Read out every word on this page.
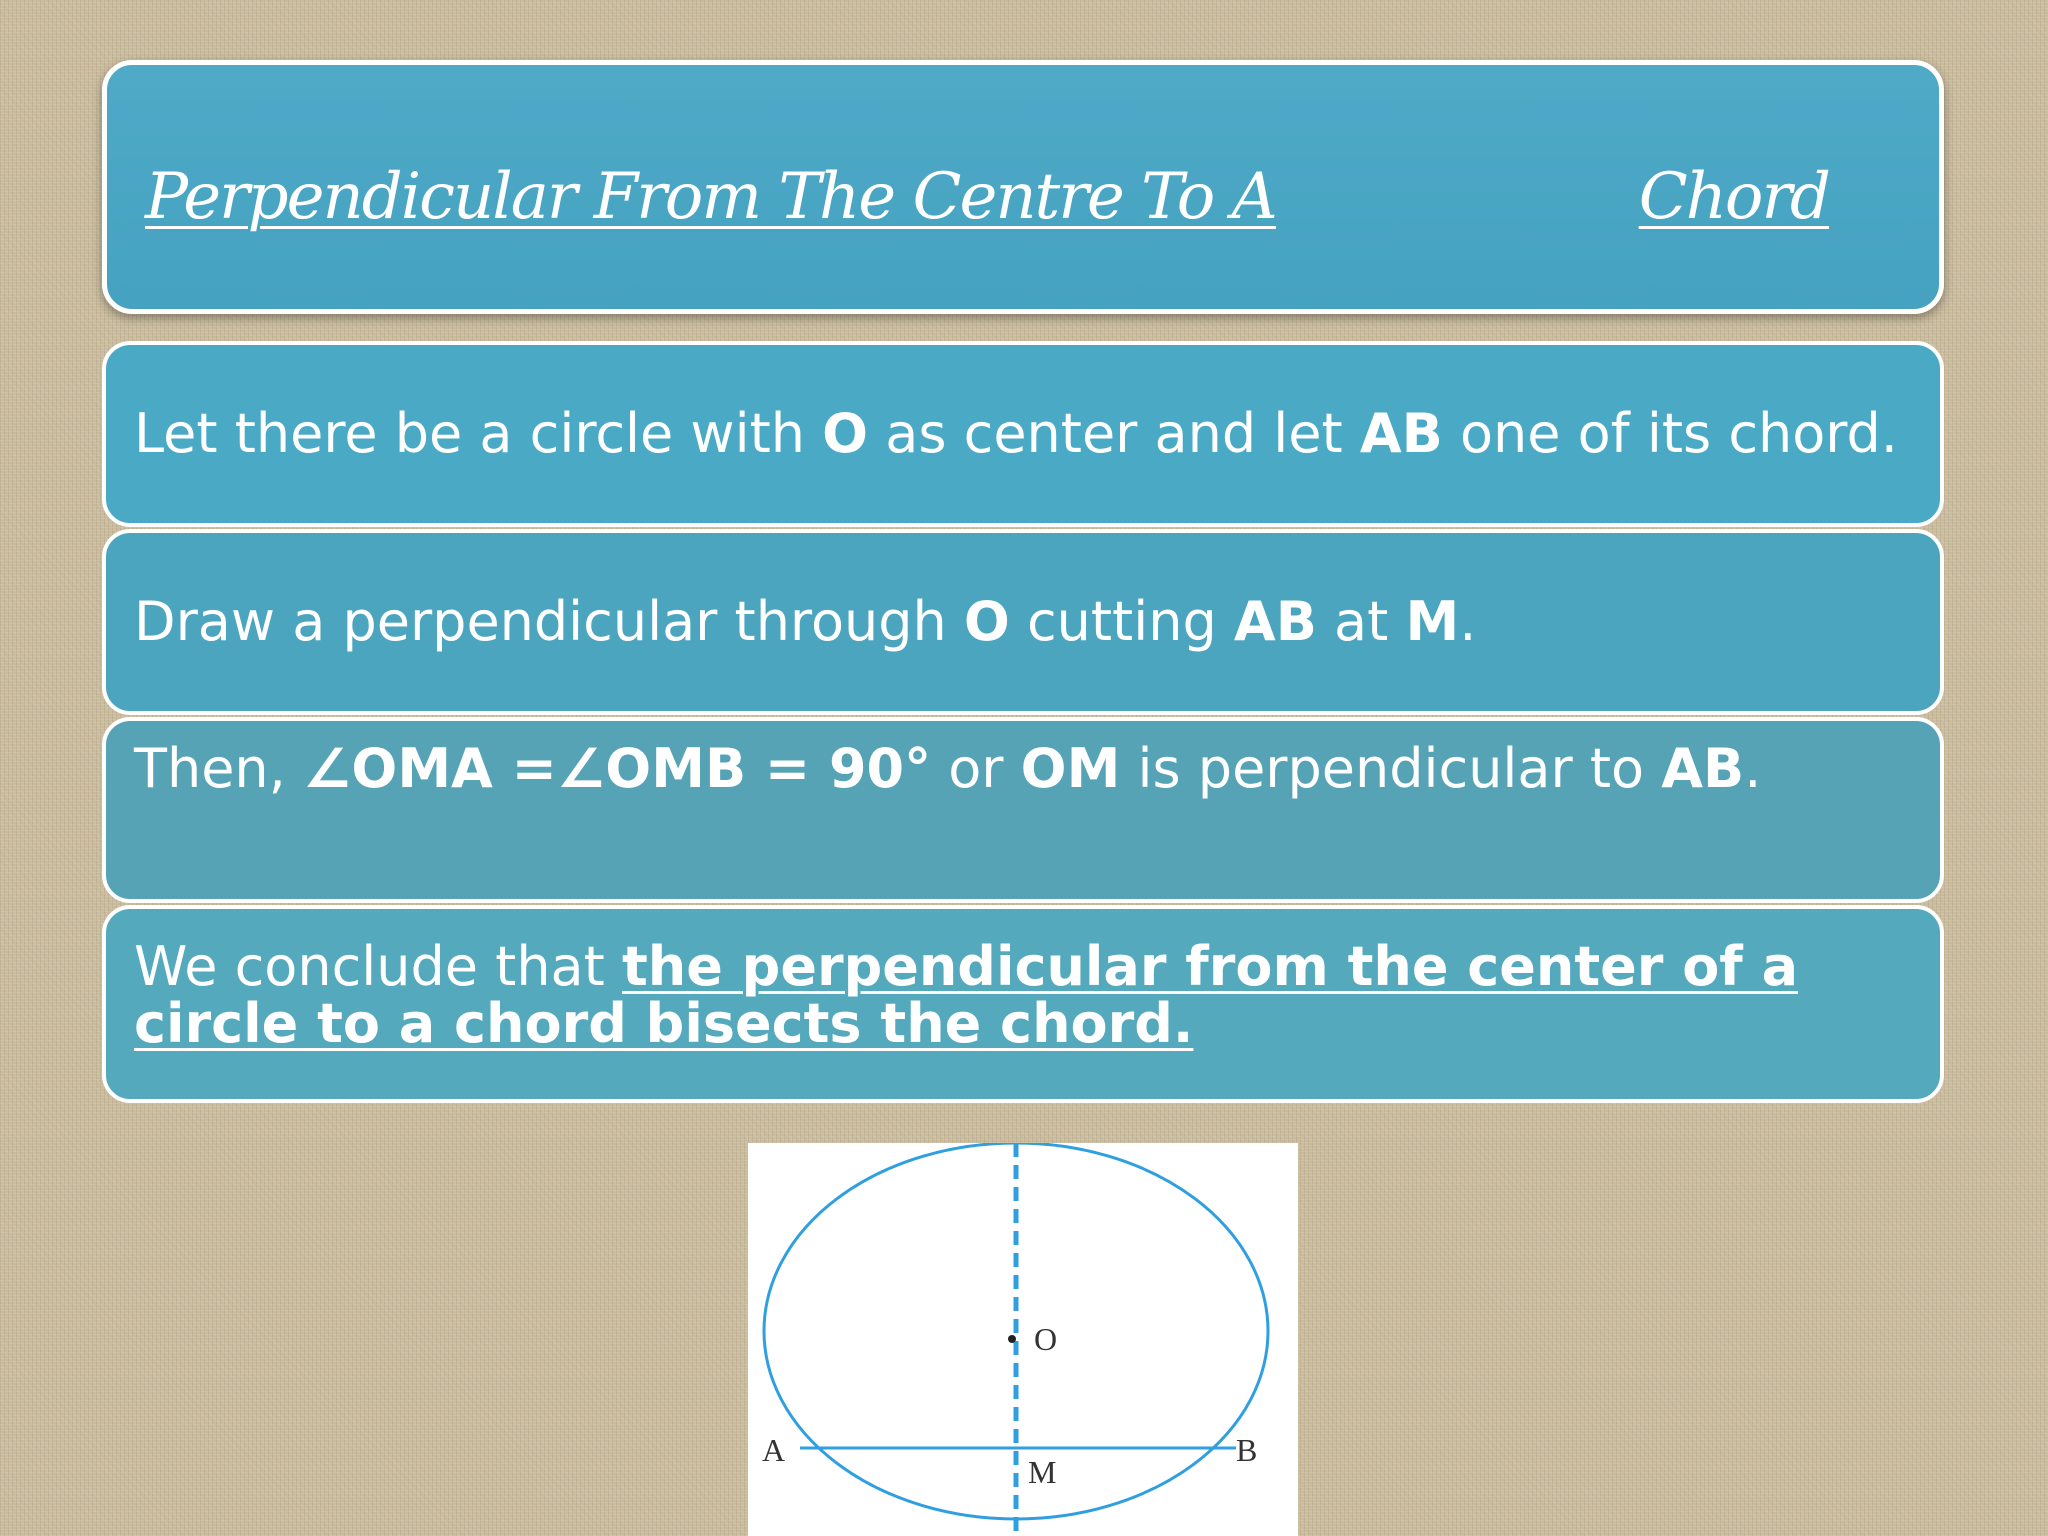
Perpendicular From The Centre To A	Chord
Let there be a circle with O as center and let AB one of its chord.
Draw a perpendicular through O cutting AB at M.
Then, ∠OMA =∠OMB = 90° or OM is perpendicular to AB.
We conclude that the perpendicular from the center of a circle to a chord bisects the chord.
O
A	B
M
